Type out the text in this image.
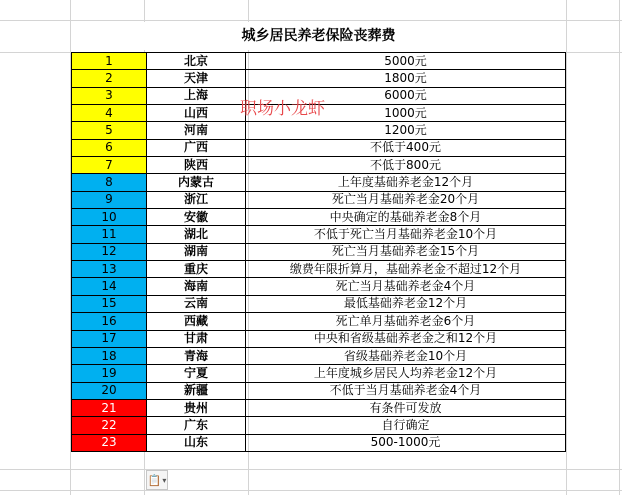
城乡居民养老保险丧葬费
1	北京	5000元
2	天津	1800元
3	上海	6000元
4	山西	1000元
5	河南	1200元
6	广西	不低于400元
7	陕西	不低于800元
8	内蒙古	上年度基础养老金12个月
9	浙江	死亡当月基础养老金20个月
10	安徽	中央确定的基础养老金8个月
11	湖北	不低于死亡当月基础养老金10个月
12	湖南	死亡当月基础养老金15个月
13	重庆	缴费年限折算月，基础养老金不超过12个月
14	海南	死亡当月基础养老金4个月
15	云南	最低基础养老金12个月
16	西藏	死亡单月基础养老金6个月
17	甘肃	中央和省级基础养老金之和12个月
18	青海	省级基础养老金10个月
19	宁夏	上年度城乡居民人均养老金12个月
20	新疆	不低于当月基础养老金4个月
21	贵州	有条件可发放
22	广东	自行确定
23	山东	500-1000元
职场小龙虾
📋 ▾
